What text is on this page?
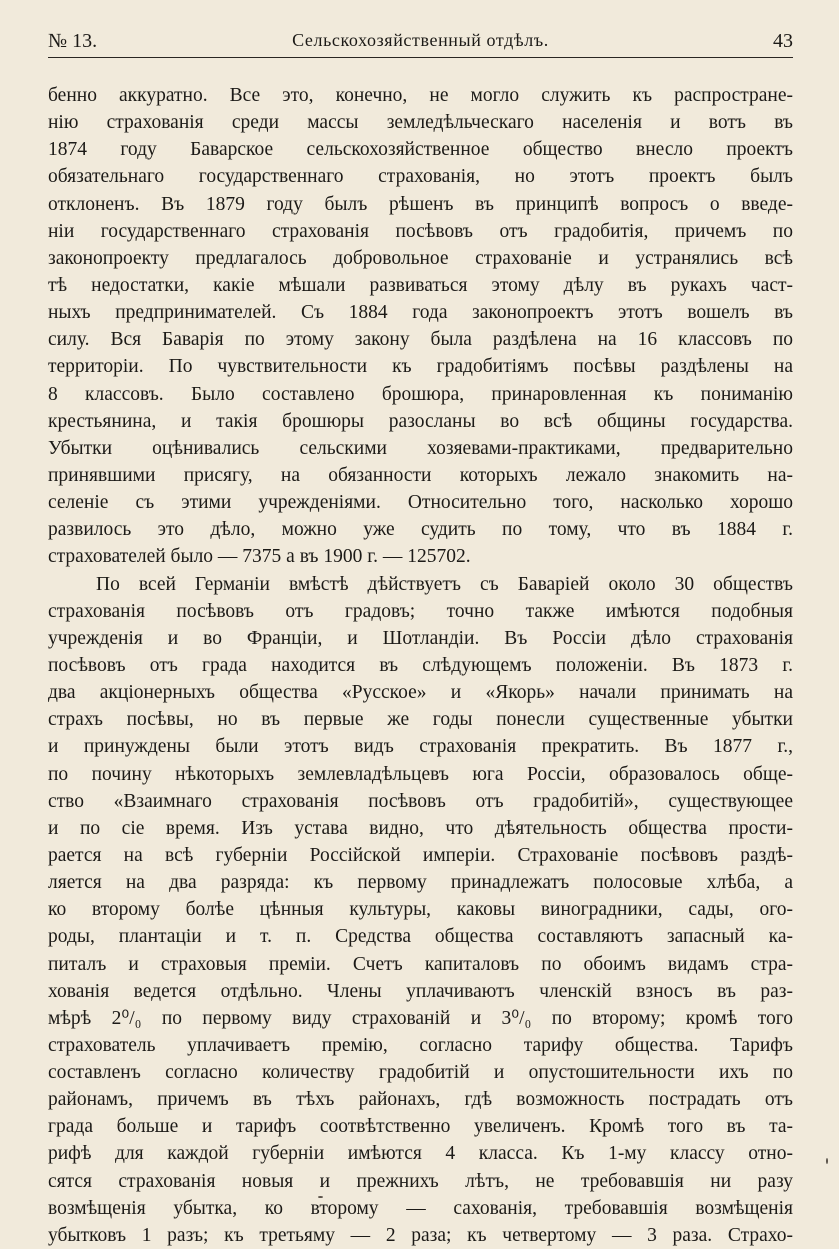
№ 13.	Сельскохозяйственный отдѣлъ.	43
бенно аккуратно. Все это, конечно, не могло служить къ распростране-
нію страхованія среди массы земледѣльческаго населенія и вотъ въ
1874 году Баварское сельскохозяйственное общество внесло проектъ
обязательнаго государственнаго страхованія, но этотъ проектъ былъ
отклоненъ. Въ 1879 году былъ рѣшенъ въ принципѣ вопросъ о введе-
ніи государственнаго страхованія посѣвовъ отъ градобитія, причемъ по
законопроекту предлагалось добровольное страхованіе и устранялись всѣ
тѣ недостатки, какіе мѣшали развиваться этому дѣлу въ рукахъ част-
ныхъ предпринимателей. Съ 1884 года законопроектъ этотъ вошелъ въ
силу. Вся Баварія по этому закону была раздѣлена на 16 классовъ по
территоріи. По чувствительности къ градобитіямъ посѣвы раздѣлены на
8 классовъ. Было составлено брошюра, принаровленная къ пониманію
крестьянина, и такія брошюры разосланы во всѣ общины государства.
Убытки оцѣнивались сельскими хозяевами-практиками, предварительно
принявшими присягу, на обязанности которыхъ лежало знакомить на-
селеніе съ этими учрежденіями. Относительно того, насколько хорошо
развилось это дѣло, можно уже судить по тому, что въ 1884 г.
страхователей было — 7375 а въ 1900 г. — 125702.
По всей Германіи вмѣстѣ дѣйствуетъ съ Баваріей около 30 обществъ
страхованія посѣвовъ отъ градовъ; точно также имѣются подобныя
учрежденія и во Франціи, и Шотландіи. Въ Россіи дѣло страхованія
посѣвовъ отъ града находится въ слѣдующемъ положеніи. Въ 1873 г.
два акціонерныхъ общества «Русское» и «Якорь» начали принимать на
страхъ посѣвы, но въ первые же годы понесли существенные убытки
и принуждены были этотъ видъ страхованія прекратить. Въ 1877 г.,
по почину нѣкоторыхъ землевладѣльцевъ юга Россіи, образовалось обще-
ство «Взаимнаго страхованія посѣвовъ отъ градобитій», существующее
и по сіе время. Изъ устава видно, что дѣятельность общества прости-
рается на всѣ губерніи Россійской имперіи. Страхованіе посѣвовъ раздѣ-
ляется на два разряда: къ первому принадлежатъ полосовые хлѣба, а
ко второму болѣе цѣнныя культуры, каковы виноградники, сады, ого-
роды, плантаціи и т. п. Средства общества составляютъ запасный ка-
питалъ и страховыя преміи. Счетъ капиталовъ по обоимъ видамъ стра-
хованія ведется отдѣльно. Члены уплачиваютъ членскій взносъ въ раз-
мѣрѣ 2⁰/₀ по первому виду страхованій и 3⁰/₀ по второму; кромѣ того
страхователь уплачиваетъ премію, согласно тарифу общества. Тарифъ
составленъ согласно количеству градобитій и опустошительности ихъ по
районамъ, причемъ въ тѣхъ районахъ, гдѣ возможность пострадать отъ
града больше и тарифъ соотвѣтственно увеличенъ. Кромѣ того въ та-
рифѣ для каждой губерніи имѣются 4 класса. Къ 1-му классу отно-
сятся страхованія новыя и прежнихъ лѣтъ, не требовавшія ни разу
возмѣщенія убытка, ко второму — сахованія, требовавшія возмѣщенія
убытковъ 1 разъ; къ третьяму — 2 раза; къ четвертому — 3 раза. Страхо-
